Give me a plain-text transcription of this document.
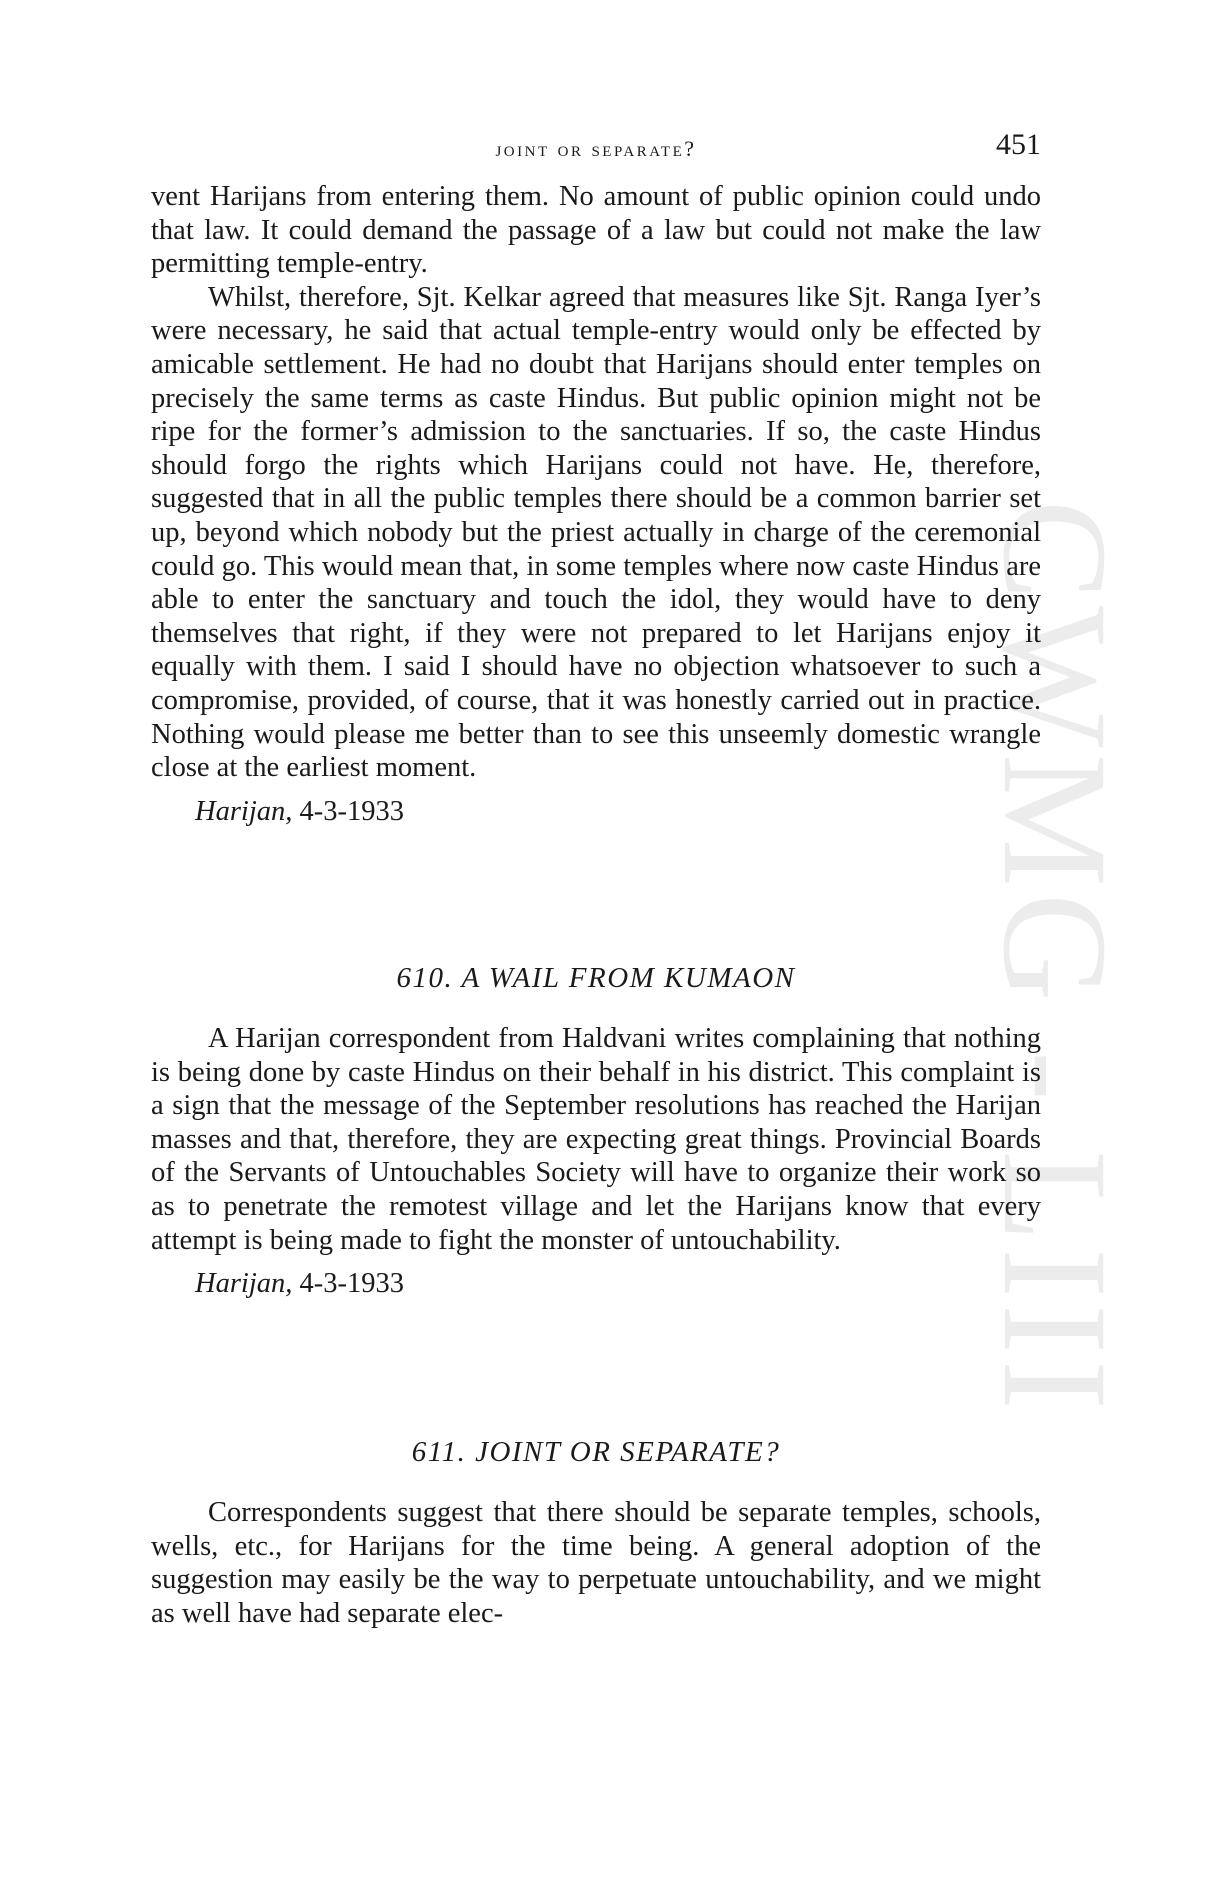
CWMG - LIII
joint or separate?	451

vent Harijans from entering them. No amount of public opinion could undo that law. It could demand the passage of a law but could not make the law permitting temple-entry.

Whilst, therefore, Sjt. Kelkar agreed that measures like Sjt. Ranga Iyer’s were necessary, he said that actual temple-entry would only be effected by amicable settlement. He had no doubt that Harijans should enter temples on precisely the same terms as caste Hindus. But public opinion might not be ripe for the former’s admission to the sanctuaries. If so, the caste Hindus should forgo the rights which Harijans could not have. He, therefore, suggested that in all the public temples there should be a common barrier set up, beyond which nobody but the priest actually in charge of the ceremonial could go. This would mean that, in some temples where now caste Hindus are able to enter the sanctuary and touch the idol, they would have to deny themselves that right, if they were not prepared to let Harijans enjoy it equally with them. I said I should have no objection whatsoever to such a compromise, provided, of course, that it was honestly carried out in practice. Nothing would please me better than to see this unseemly domestic wrangle close at the earliest moment.

Harijan, 4-3-1933
610. A WAIL FROM KUMAON

A Harijan correspondent from Haldvani writes complaining that nothing is being done by caste Hindus on their behalf in his district. This complaint is a sign that the message of the September resolutions has reached the Harijan masses and that, therefore, they are expecting great things. Provincial Boards of the Servants of Untouchables Society will have to organize their work so as to penetrate the remotest village and let the Harijans know that every attempt is being made to fight the monster of untouchability.

Harijan, 4-3-1933
611. JOINT OR SEPARATE?

Correspondents suggest that there should be separate temples, schools, wells, etc., for Harijans for the time being. A general adoption of the suggestion may easily be the way to perpetuate untouchability, and we might as well have had separate elec-
